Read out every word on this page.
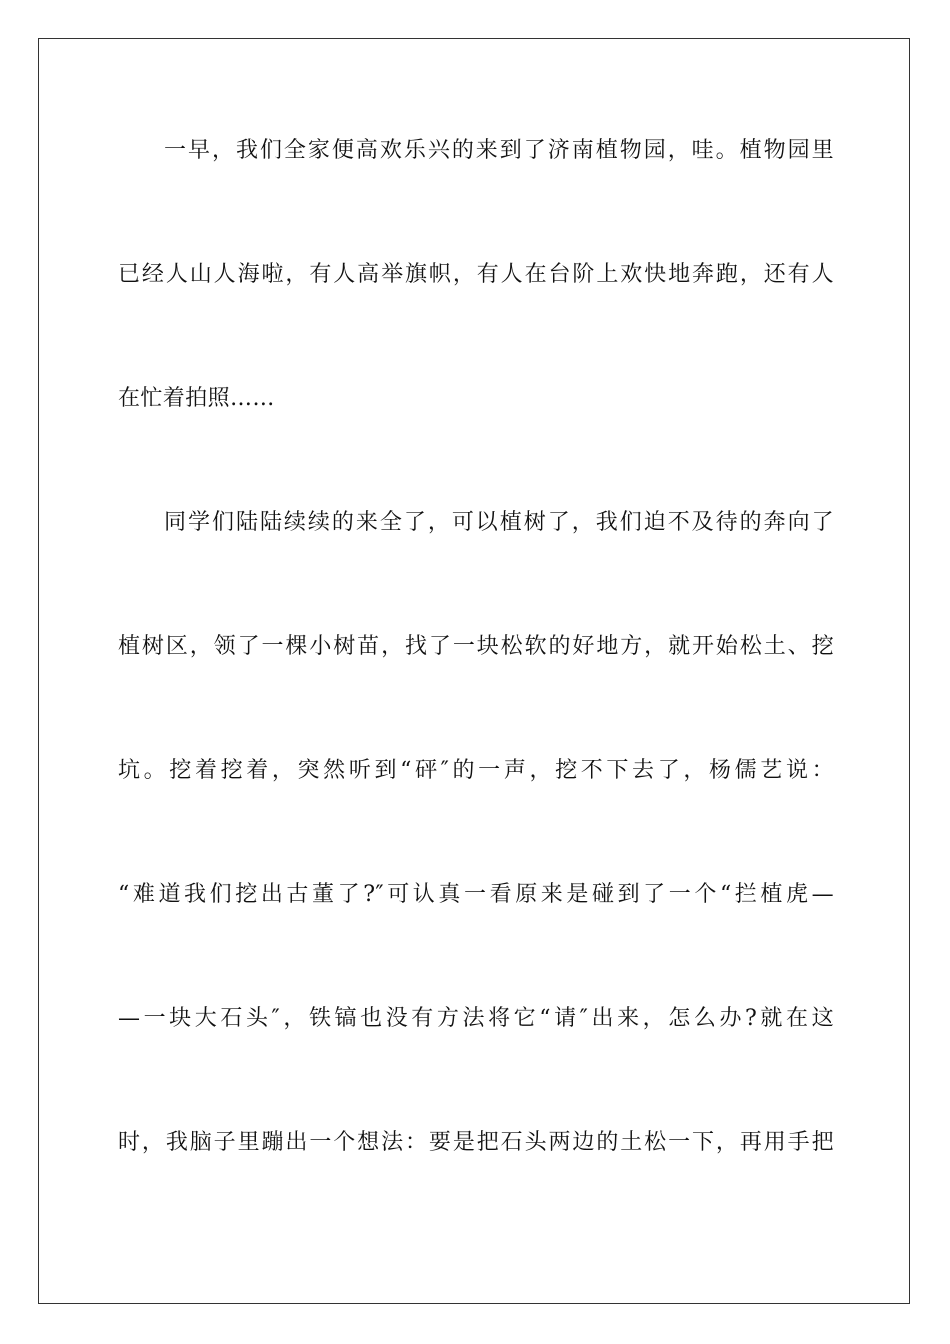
一早，我们全家便高欢乐兴的来到了济南植物园，哇。植物园里
已经人山人海啦，有人高举旗帜，有人在台阶上欢快地奔跑，还有人
在忙着拍照……
同学们陆陆续续的来全了，可以植树了，我们迫不及待的奔向了
植树区，领了一棵小树苗，找了一块松软的好地方，就开始松土、挖
坑。挖着挖着，突然听到“砰″的一声，挖不下去了，杨儒艺说：
“难道我们挖出古董了?″可认真一看原来是碰到了一个“拦植虎—
—一块大石头″，铁镐也没有方法将它“请″出来，怎么办?就在这
时，我脑子里蹦出一个想法：要是把石头两边的土松一下，再用手把
